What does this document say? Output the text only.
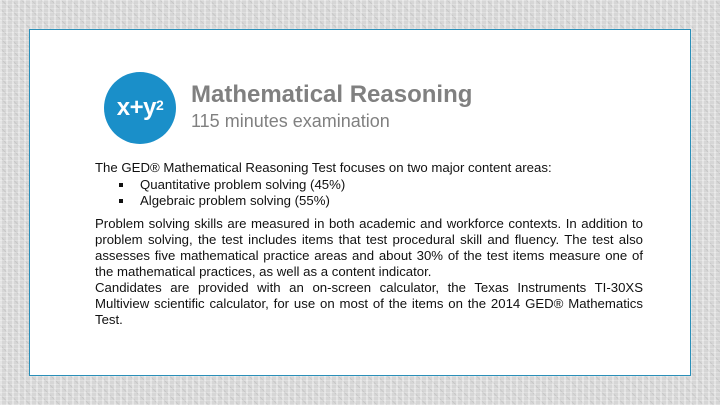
$x+y^2$ Mathematical Reasoning

115 minutes examination

The GED® Mathematical Reasoning Test focuses on two major content areas:

Quantitative problem solving (45%)
Algebraic problem solving (55%)

Problem solving skills are measured in both academic and workforce contexts. In addition to problem solving, the test includes items that test procedural skill and fluency. The test also assesses five mathematical practice areas and about 30% of the test items measure one of the mathematical practices, as well as a content indicator.

Candidates are provided with an on-screen calculator, the Texas Instruments TI-30XS Multiview scientific calculator, for use on most of the items on the 2014 GED® Mathematics Test.
